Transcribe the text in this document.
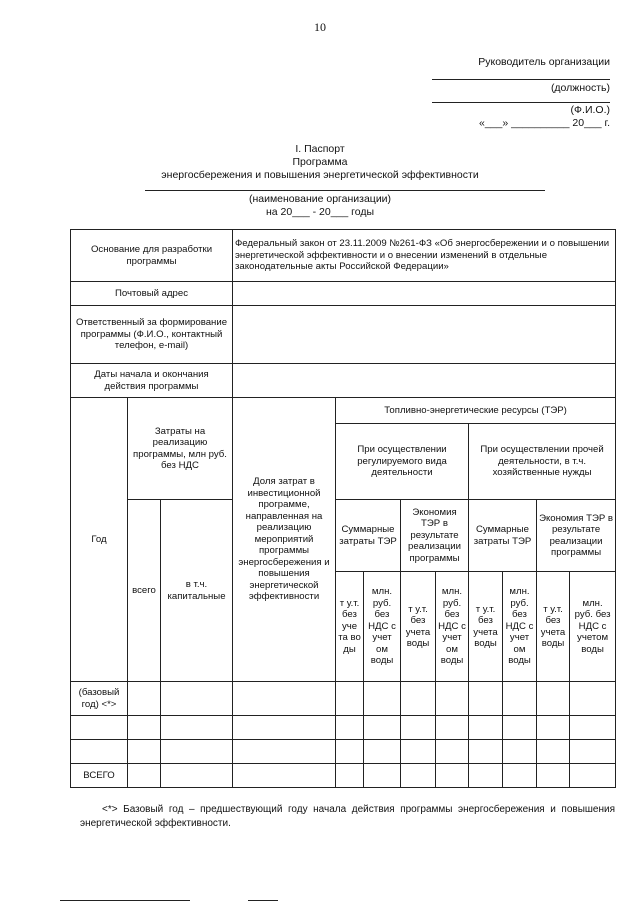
10
Руководитель организации
(должность)
(Ф.И.О.)
«___» __________ 20___ г.
I. Паспорт
Программа
энергосбережения и повышения энергетической эффективности
(наименование организации)
на 20___ - 20___ годы
Основание для разработки программы			Федеральный закон от 23.11.2009 №261-ФЗ «Об энергосбережении и о повышении энергетической эффективности и о внесении изменений в отдельные законодательные акты Российской Федерации»								
Почтовый адрес											
Ответственный за формирование программы (Ф.И.О., контактный телефон, e-mail)											
Даты начала и окончания действия программы											
Год	Затраты на реализацию программы, млн руб. без НДС		Доля затрат в инвестиционной программе, направленная на реализацию мероприятий программы энергосбережения и повышения энергетической эффективности	Топливно-энергетические ресурсы (ТЭР)							
				При осуществлении регулируемого вида деятельности				При осуществлении прочей деятельности, в т.ч. хозяйственные нужды			
	всего	в т.ч. капитальные		Суммарные затраты ТЭР		Экономия ТЭР в результате реализации программы		Суммарные затраты ТЭР		Экономия ТЭР в результате реализации программы	
				т у.т. без уче та во ды	млн. руб. без НДС с учет ом воды	т у.т. без учета воды	млн. руб. без НДС с учет ом воды	т у.т. без учета воды	млн. руб. без НДС с учет ом воды	т у.т. без учета воды	млн. руб. без НДС с учетом воды

(базовый год) <*>											

ВСЕГО											
<*> Базовый год – предшествующий году начала действия программы энергосбережения и повышения энергетической эффективности.
